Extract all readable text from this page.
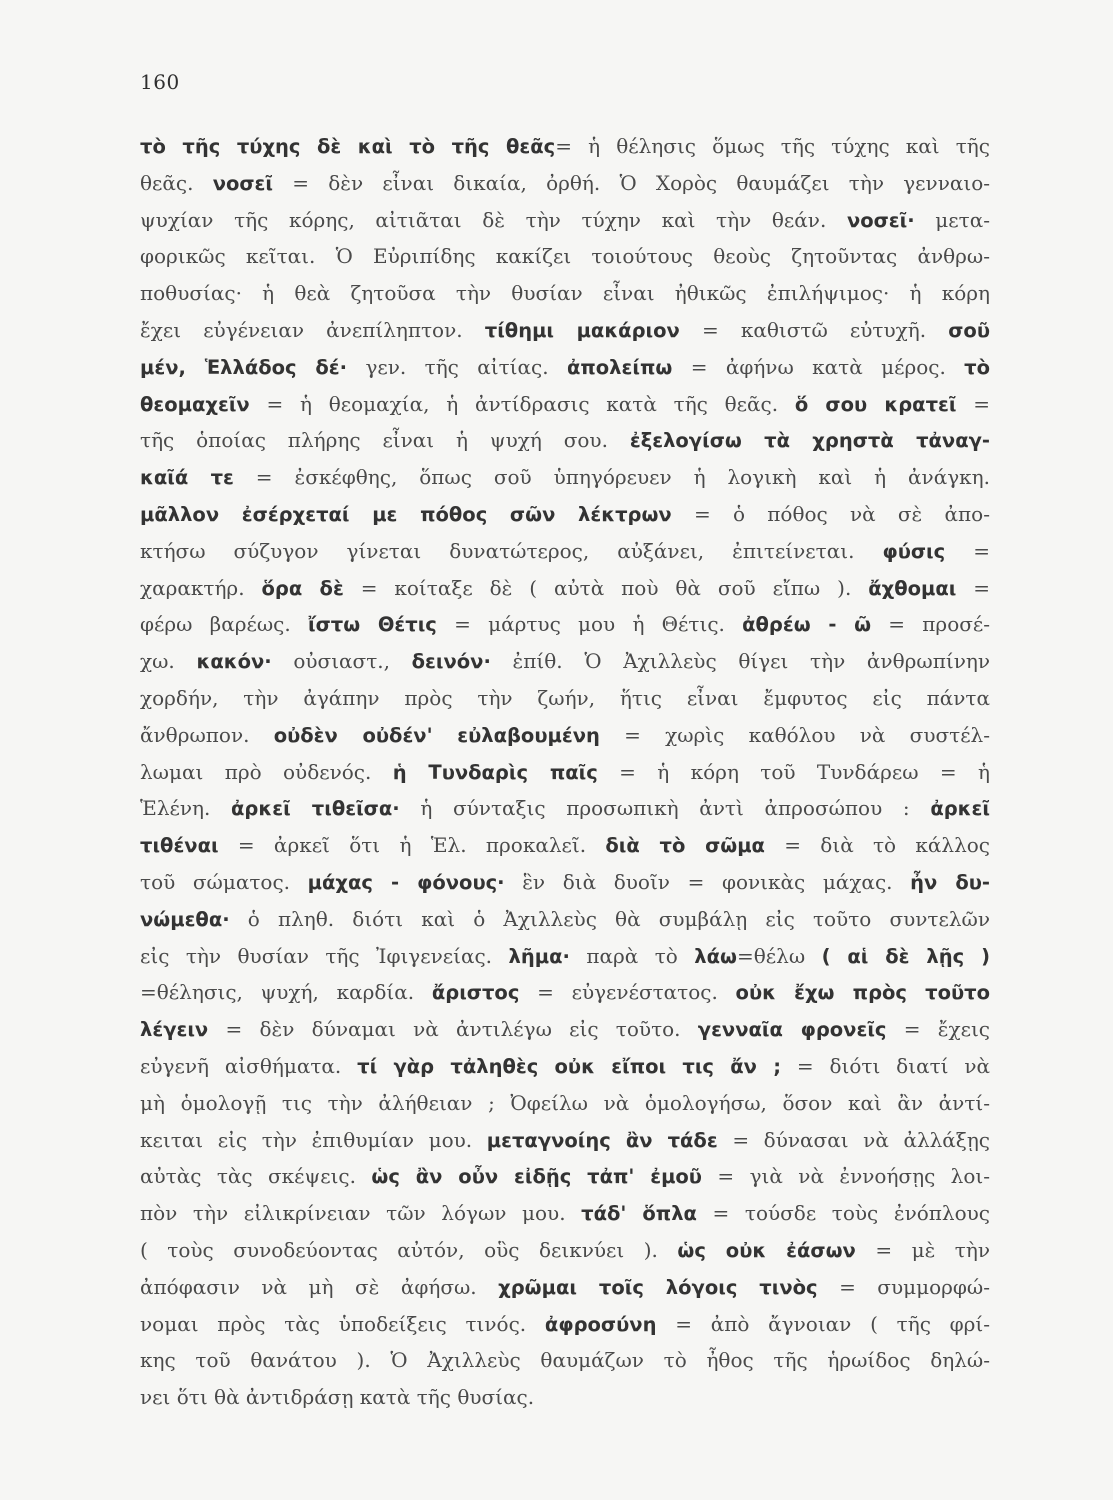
160
τὸ τῆς τύχης δὲ καὶ τὸ τῆς θεᾶς= ἡ θέλησις ὅμως τῆς τύχης καὶ τῆς
θεᾶς. νοσεῖ = δὲν εἶναι δικαία, ὀρθή. Ὁ Χορὸς θαυμάζει τὴν γενναιο-
ψυχίαν τῆς κόρης, αἰτιᾶται δὲ τὴν τύχην καὶ τὴν θεάν. νοσεῖ· μετα-
φορικῶς κεῖται. Ὁ Εὐριπίδης κακίζει τοιούτους θεοὺς ζητοῦντας ἀνθρω-
ποθυσίας· ἡ θεὰ ζητοῦσα τὴν θυσίαν εἶναι ἠθικῶς ἐπιλήψιμος· ἡ κόρη
ἔχει εὐγένειαν ἀνεπίληπτον. τίθημι μακάριον = καθιστῶ εὐτυχῆ. σοῦ
μέν, Ἑλλάδος δέ· γεν. τῆς αἰτίας. ἀπολείπω = ἀφήνω κατὰ μέρος. τὸ
θεομαχεῖν = ἡ θεομαχία, ἡ ἀντίδρασις κατὰ τῆς θεᾶς. ὅ σου κρατεῖ =
τῆς ὁποίας πλήρης εἶναι ἡ ψυχή σου. ἐξελογίσω τὰ χρηστὰ τἀναγ-
καῖά τε = ἐσκέφθης, ὅπως σοῦ ὑπηγόρευεν ἡ λογικὴ καὶ ἡ ἀνάγκη.
μᾶλλον ἐσέρχεταί με πόθος σῶν λέκτρων = ὁ πόθος νὰ σὲ ἀπο-
κτήσω σύζυγον γίνεται δυνατώτερος, αὐξάνει, ἐπιτείνεται. φύσις =
χαρακτήρ. ὅρα δὲ = κοίταξε δὲ ( αὐτὰ ποὺ θὰ σοῦ εἴπω ). ἄχθομαι =
φέρω βαρέως. ἴστω Θέτις = μάρτυς μου ἡ Θέτις. ἀθρέω - ῶ = προσέ-
χω. κακόν· οὐσιαστ., δεινόν· ἐπίθ. Ὁ Ἀχιλλεὺς θίγει τὴν ἀνθρωπίνην
χορδήν, τὴν ἀγάπην πρὸς τὴν ζωήν, ἥτις εἶναι ἔμφυτος εἰς πάντα
ἄνθρωπον. οὐδὲν οὐδέν' εὐλαβουμένη = χωρὶς καθόλου νὰ συστέλ-
λωμαι πρὸ οὐδενός. ἡ Τυνδαρὶς παῖς = ἡ κόρη τοῦ Τυνδάρεω = ἡ
Ἑλένη. ἀρκεῖ τιθεῖσα· ἡ σύνταξις προσωπικὴ ἀντὶ ἀπροσώπου : ἀρκεῖ
τιθέναι = ἀρκεῖ ὅτι ἡ Ἑλ. προκαλεῖ. διὰ τὸ σῶμα = διὰ τὸ κάλλος
τοῦ σώματος. μάχας - φόνους· ἓν διὰ δυοῖν = φονικὰς μάχας. ἦν δυ-
νώμεθα· ὁ πληθ. διότι καὶ ὁ Ἀχιλλεὺς θὰ συμβάλῃ εἰς τοῦτο συντελῶν
εἰς τὴν θυσίαν τῆς Ἰφιγενείας. λῆμα· παρὰ τὸ λάω=θέλω ( αἱ δὲ λῇς )
=θέλησις, ψυχή, καρδία. ἄριστος = εὐγενέστατος. οὐκ ἔχω πρὸς τοῦτο
λέγειν = δὲν δύναμαι νὰ ἀντιλέγω εἰς τοῦτο. γενναῖα φρονεῖς = ἔχεις
εὐγενῆ αἰσθήματα. τί γὰρ τἀληθὲς οὐκ εἴποι τις ἄν ; = διότι διατί νὰ
μὴ ὁμολογῇ τις τὴν ἀλήθειαν ; Ὀφείλω νὰ ὁμολογήσω, ὅσον καὶ ἂν ἀντί-
κειται εἰς τὴν ἐπιθυμίαν μου. μεταγνοίης ἂν τάδε = δύνασαι νὰ ἀλλάξῃς
αὐτὰς τὰς σκέψεις. ὡς ἂν οὖν εἰδῇς τἀπ' ἐμοῦ = γιὰ νὰ ἐννοήσῃς λοι-
πὸν τὴν εἰλικρίνειαν τῶν λόγων μου. τάδ' ὅπλα = τούσδε τοὺς ἐνόπλους
( τοὺς συνοδεύοντας αὐτόν, οὓς δεικνύει ). ὡς οὐκ ἐάσων = μὲ τὴν
ἀπόφασιν νὰ μὴ σὲ ἀφήσω. χρῶμαι τοῖς λόγοις τινὸς = συμμορφώ-
νομαι πρὸς τὰς ὑποδείξεις τινός. ἀφροσύνη = ἀπὸ ἄγνοιαν ( τῆς φρί-
κης τοῦ θανάτου ). Ὁ Ἀχιλλεὺς θαυμάζων τὸ ἦθος τῆς ἡρωίδος δηλώ-
νει ὅτι θὰ ἀντιδράσῃ κατὰ τῆς θυσίας.
